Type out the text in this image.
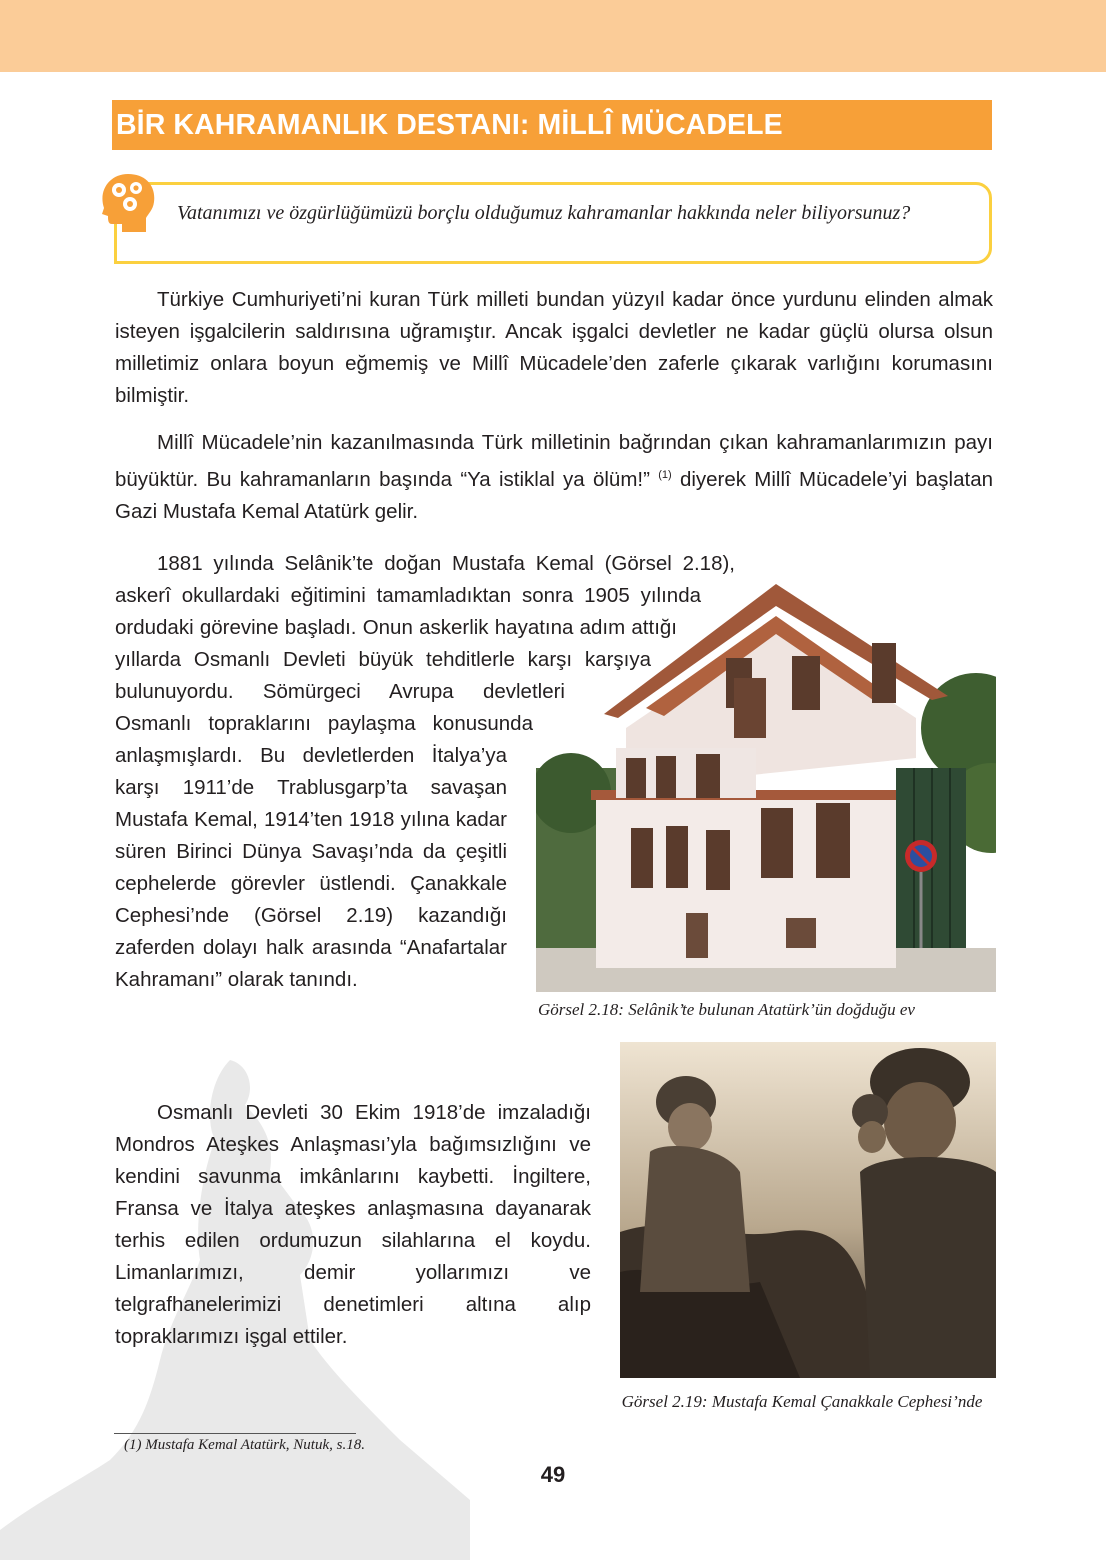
BİR KAHRAMANLIK DESTANI: MİLLÎ MÜCADELE

Vatanımızı ve özgürlüğümüzü borçlu olduğumuz kahramanlar hakkında neler biliyorsunuz?

Türkiye Cumhuriyeti’ni kuran Türk milleti bundan yüzyıl kadar önce yurdunu elinden almak isteyen işgalcilerin saldırısına uğramıştır. Ancak işgalci devletler ne kadar güçlü olursa olsun milletimiz onlara boyun eğmemiş ve Millî Mücadele’den zaferle çıkarak varlığını korumasını bilmiştir.

Millî Mücadele’nin kazanılmasında Türk milletinin bağrından çıkan kahramanlarımızın payı büyüktür. Bu kahramanların başında “Ya istiklal ya ölüm!” $^{(1)}$ diyerek Millî Mücadele’yi başlatan Gazi Mustafa Kemal Atatürk gelir.

Görsel 2.18: Selânik’te bulunan Atatürk’ün doğduğu ev
Görsel 2.19: Mustafa Kemal Çanakkale Cephesi’nde
1881 yılında Selânik’te doğan Mustafa Kemal (Görsel 2.18), askerî okullardaki eğitimini tamamladıktan sonra 1905 yılında ordudaki görevine başladı. Onun askerlik hayatına adım attığı yıllarda Osmanlı Devleti büyük tehditlerle karşı karşıya bulunuyordu. Sömürgeci Avrupa devletleri Osmanlı topraklarını paylaşma konusunda anlaşmışlardı. Bu devletlerden İtalya’ya karşı 1911’de Trablusgarp’ta savaşan Mustafa Kemal, 1914’ten 1918 yılına kadar süren Birinci Dünya Savaşı’nda da çeşitli cephelerde görevler üstlendi. Çanakkale Cephesi’nde (Görsel 2.19) kazandığı zaferden dolayı halk arasında “Anafartalar Kahramanı” olarak tanındı.

Osmanlı Devleti 30 Ekim 1918’de imzaladığı Mondros Ateşkes Anlaşması’yla bağımsızlığını ve kendini savunma imkânlarını kaybetti. İngiltere, Fransa ve İtalya ateşkes anlaşmasına dayanarak terhis edilen ordumuzun silahlarına el koydu. Limanlarımızı, demir yollarımızı ve telgrafhanelerimizi denetimleri altına alıp topraklarımızı işgal ettiler.

(1) Mustafa Kemal Atatürk, Nutuk, s.18.
49
